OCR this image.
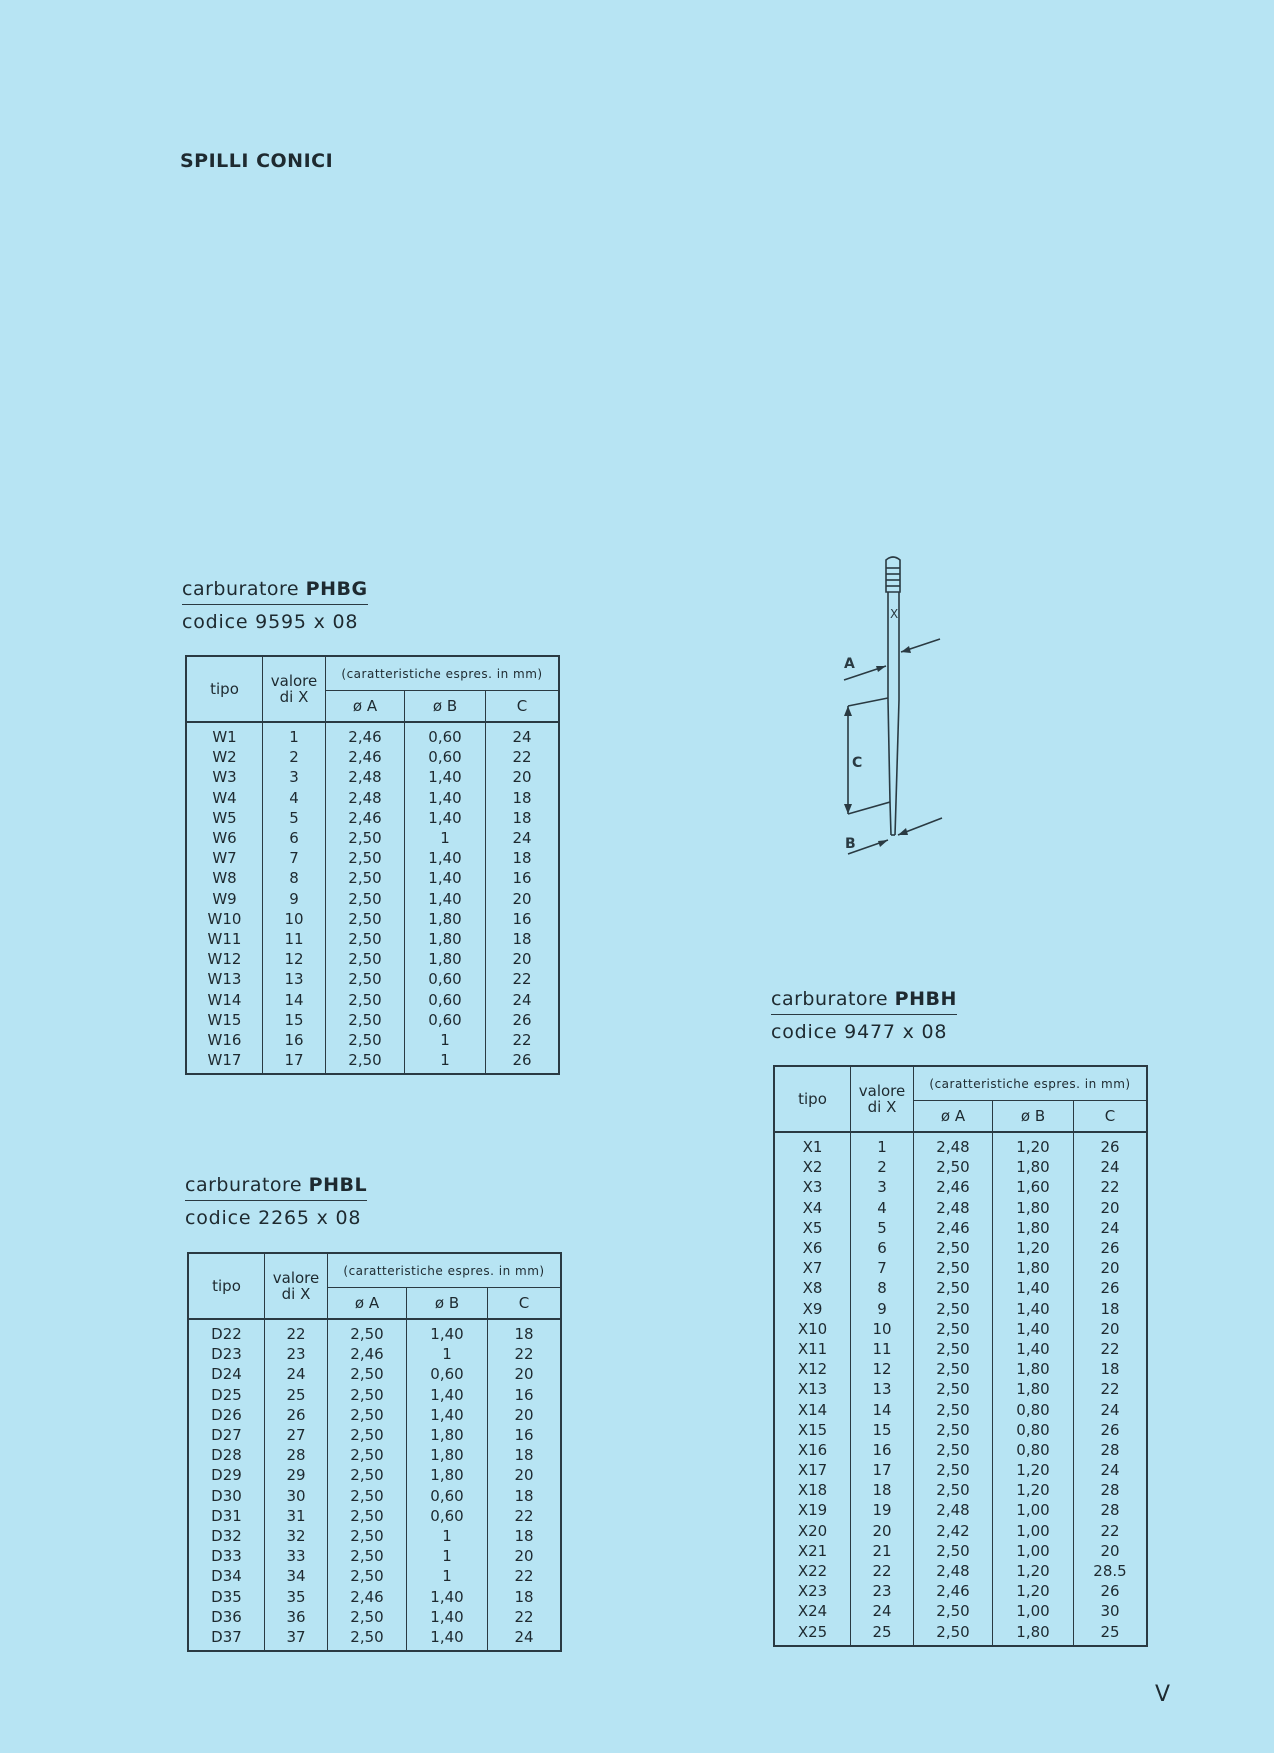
SPILLI CONICI
carburatore PHBG
codice 9595 x 08
tipo	valore
di X	(caratteristiche espres. in mm)		
		ø A	ø B	C
W1	1	2,46	0,60	24
W2	2	2,46	0,60	22
W3	3	2,48	1,40	20
W4	4	2,48	1,40	18
W5	5	2,46	1,40	18
W6	6	2,50	1	24
W7	7	2,50	1,40	18
W8	8	2,50	1,40	16
W9	9	2,50	1,40	20
W10	10	2,50	1,80	16
W11	11	2,50	1,80	18
W12	12	2,50	1,80	20
W13	13	2,50	0,60	22
W14	14	2,50	0,60	24
W15	15	2,50	0,60	26
W16	16	2,50	1	22
W17	17	2,50	1	26
carburatore PHBL
codice 2265 x 08
tipo	valore
di X	(caratteristiche espres. in mm)		
		ø A	ø B	C
D22	22	2,50	1,40	18
D23	23	2,46	1	22
D24	24	2,50	0,60	20
D25	25	2,50	1,40	16
D26	26	2,50	1,40	20
D27	27	2,50	1,80	16
D28	28	2,50	1,80	18
D29	29	2,50	1,80	20
D30	30	2,50	0,60	18
D31	31	2,50	0,60	22
D32	32	2,50	1	18
D33	33	2,50	1	20
D34	34	2,50	1	22
D35	35	2,46	1,40	18
D36	36	2,50	1,40	22
D37	37	2,50	1,40	24
carburatore PHBH
codice 9477 x 08
tipo	valore
di X	(caratteristiche espres. in mm)		
		ø A	ø B	C
X1	1	2,48	1,20	26
X2	2	2,50	1,80	24
X3	3	2,46	1,60	22
X4	4	2,48	1,80	20
X5	5	2,46	1,80	24
X6	6	2,50	1,20	26
X7	7	2,50	1,80	20
X8	8	2,50	1,40	26
X9	9	2,50	1,40	18
X10	10	2,50	1,40	20
X11	11	2,50	1,40	22
X12	12	2,50	1,80	18
X13	13	2,50	1,80	22
X14	14	2,50	0,80	24
X15	15	2,50	0,80	26
X16	16	2,50	0,80	28
X17	17	2,50	1,20	24
X18	18	2,50	1,20	28
X19	19	2,48	1,00	28
X20	20	2,42	1,00	22
X21	21	2,50	1,00	20
X22	22	2,48	1,20	28.5
X23	23	2,46	1,20	26
X24	24	2,50	1,00	30
X25	25	2,50	1,80	25
X
A
C
B
V
